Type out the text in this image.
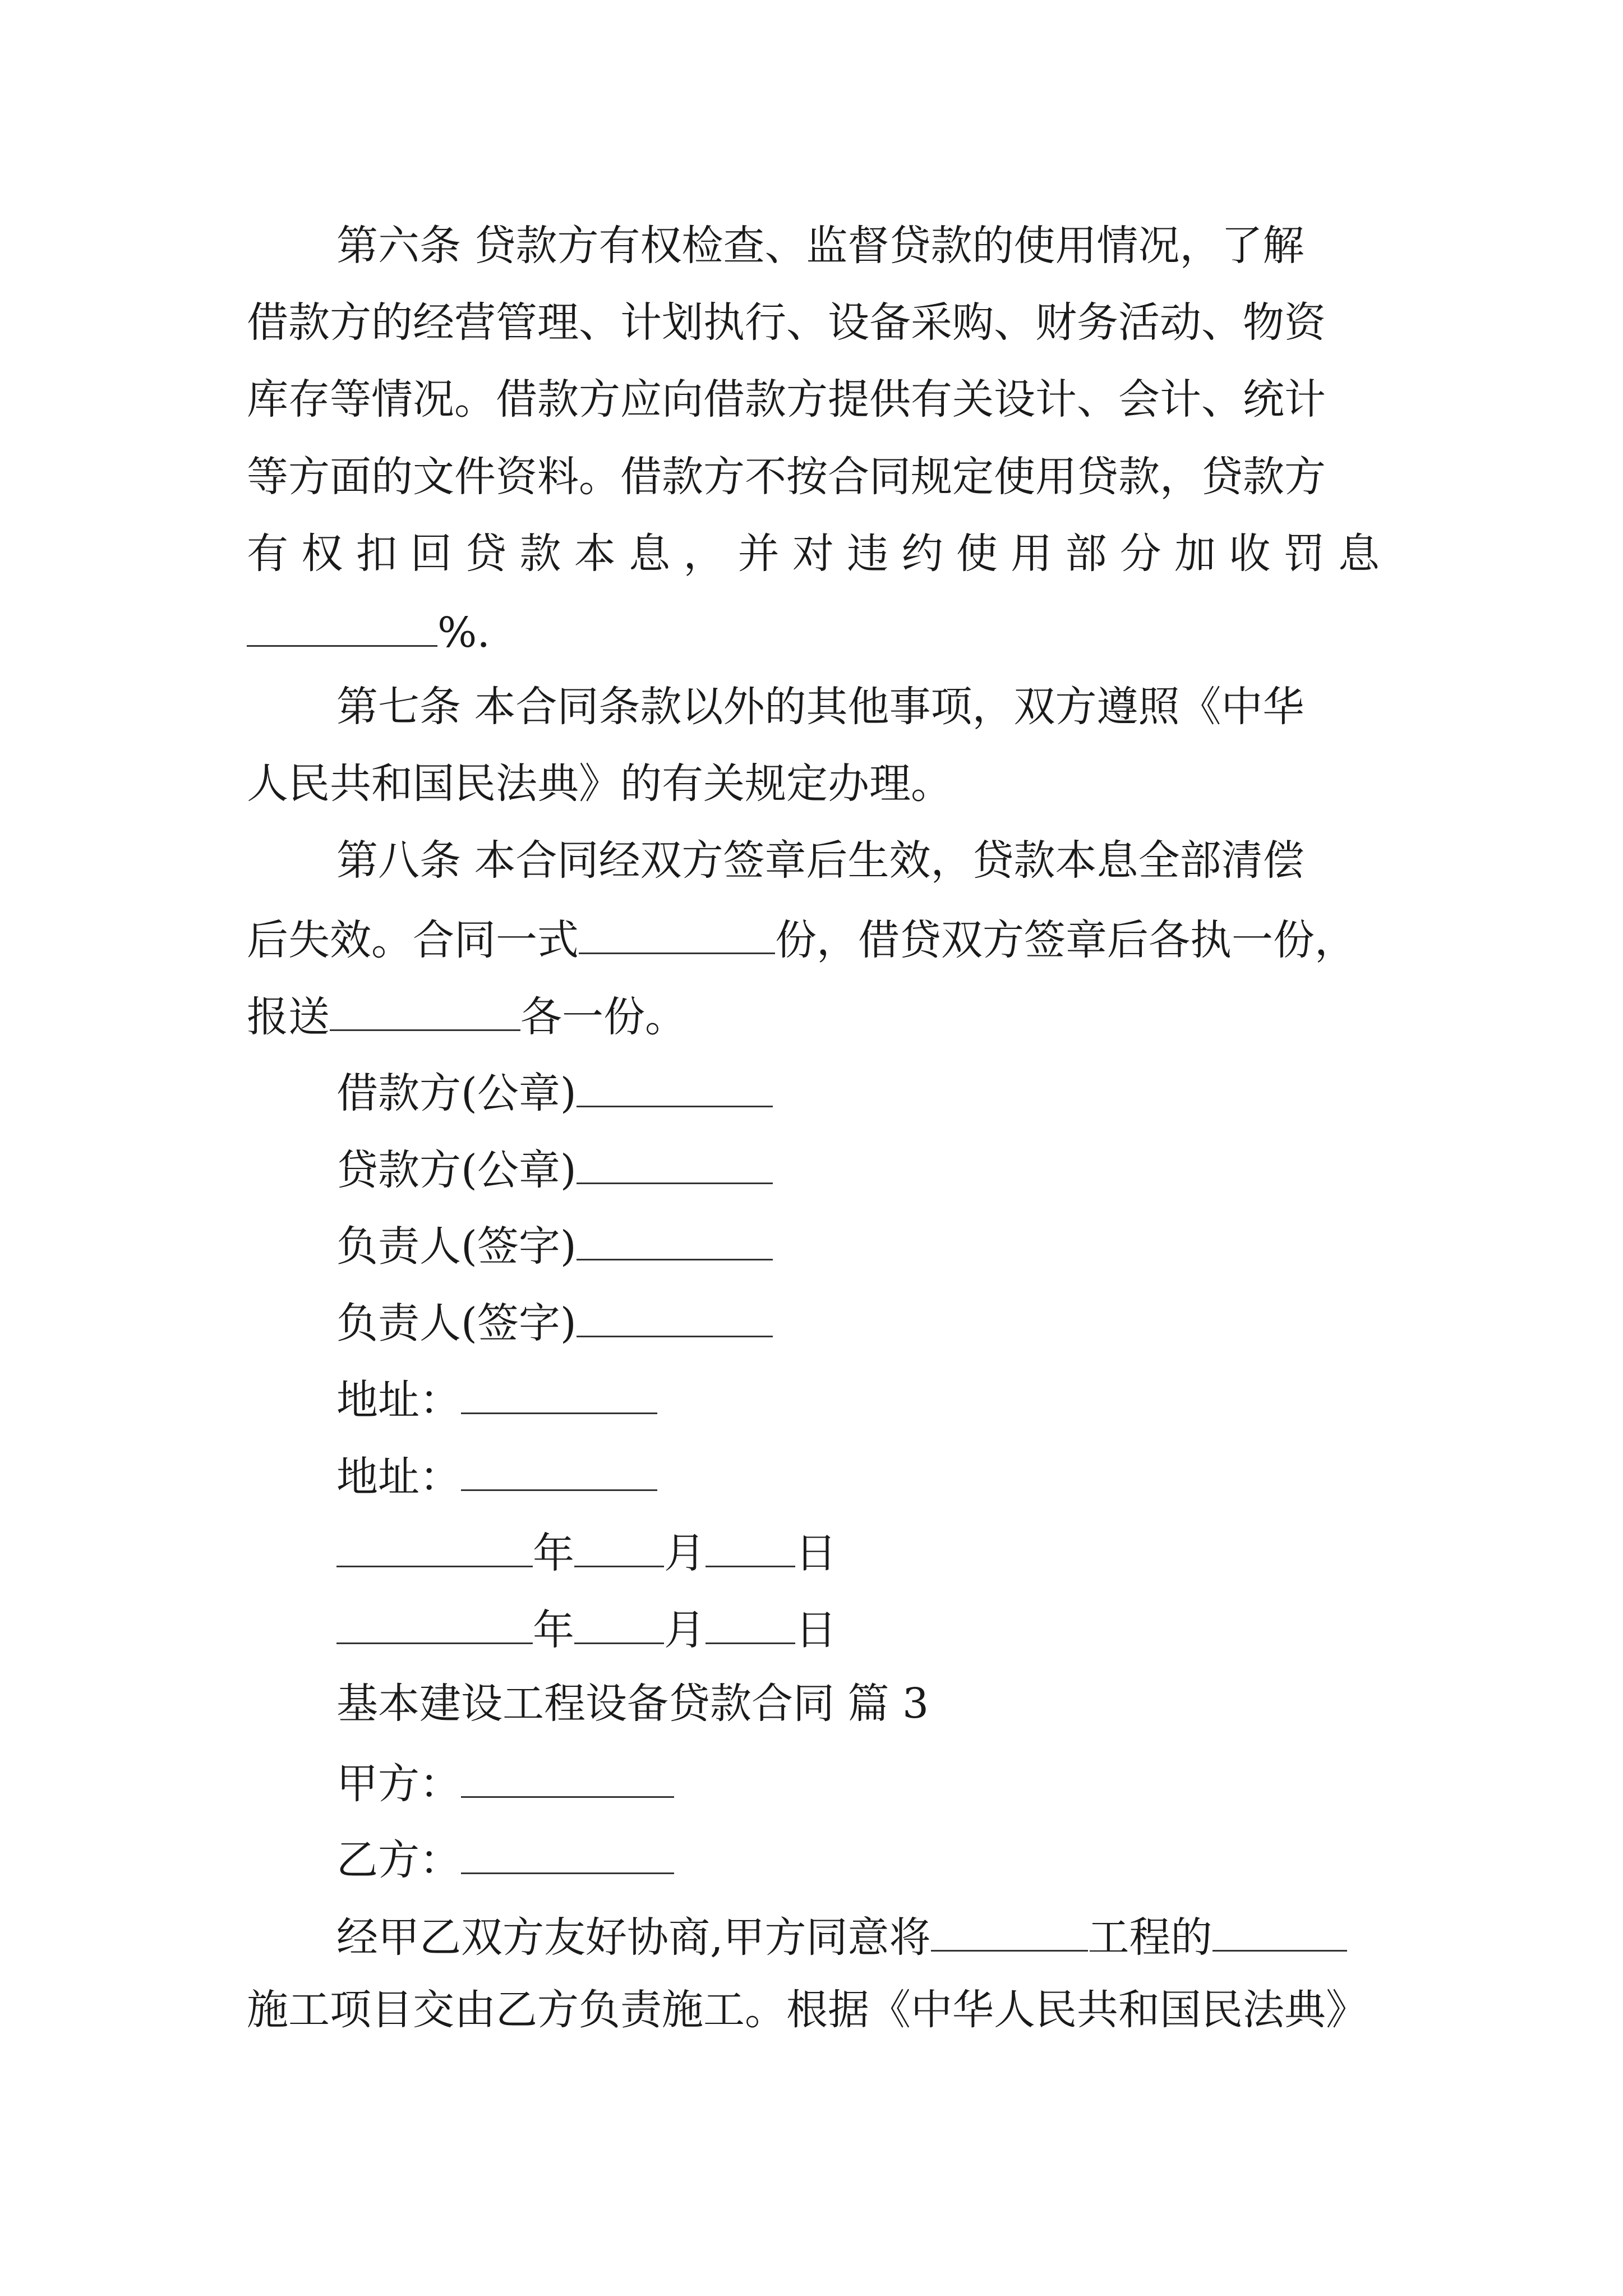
第六条 贷款方有权检查、监督贷款的使用情况，了解
借款方的经营管理、计划执行、设备采购、财务活动、物资
库存等情况。借款方应向借款方提供有关设计、会计、统计
等方面的文件资料。借款方不按合同规定使用贷款，贷款方
有 权 扣 回 贷 款 本 息 ， 并 对 违 约 使 用 部 分 加 收 罚 息
%.
第七条 本合同条款以外的其他事项，双方遵照《中华
人民共和国民法典》的有关规定办理。
第八条 本合同经双方签章后生效，贷款本息全部清偿
后失效。合同一式	份，借贷双方签章后各执一份，
报送	各一份。
借款方(公章)
贷款方(公章)
负责人(签字)
负责人(签字)
地址：
地址：
年 月 日
年 月 日
基本建设工程设备贷款合同 篇 3
甲方：
乙方：
经甲乙双方友好协商,甲方同意将	工程的
施工项目交由乙方负责施工。根据《中华人民共和国民法典》
